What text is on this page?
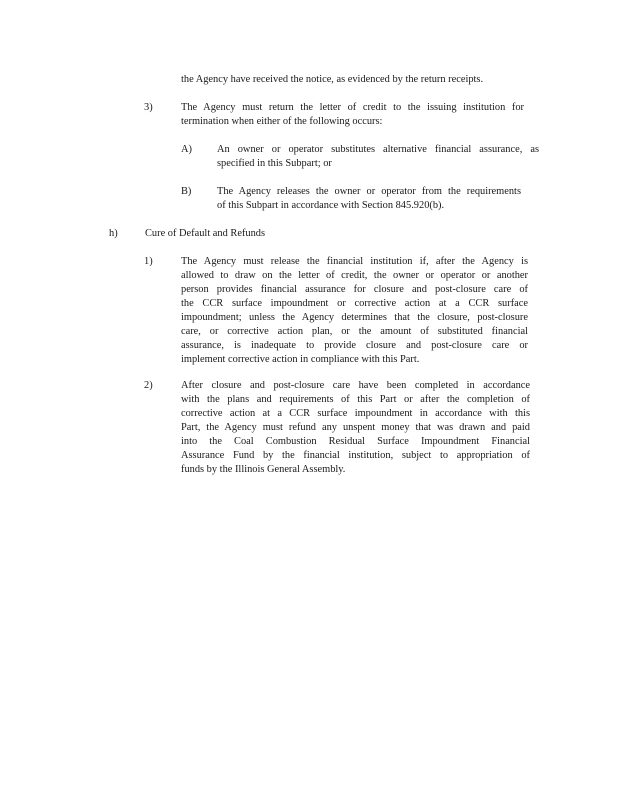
the Agency have received the notice, as evidenced by the return receipts.

3)	The Agency must return the letter of credit to the issuing institution for

termination when either of the following occurs:

A) An owner or operator substitutes alternative financial assurance, as

specified in this Subpart; or

B) The Agency releases the owner or operator from the requirements

of this Subpart in accordance with Section 845.920(b).

h)	Cure of Default and Refunds

1)	The Agency must release the financial institution if, after the Agency is

allowed to draw on the letter of credit, the owner or operator or another

person provides financial assurance for closure and post-closure care of

the CCR surface impoundment or corrective action at a CCR surface

impoundment; unless the Agency determines that the closure, post-closure

care, or corrective action plan, or the amount of substituted financial

assurance, is inadequate to provide closure and post-closure care or

implement corrective action in compliance with this Part.

2)	After closure and post-closure care have been completed in accordance

with the plans and requirements of this Part or after the completion of

corrective action at a CCR surface impoundment in accordance with this

Part, the Agency must refund any unspent money that was drawn and paid

into the Coal Combustion Residual Surface Impoundment Financial

Assurance Fund by the financial institution, subject to appropriation of

funds by the Illinois General Assembly.
